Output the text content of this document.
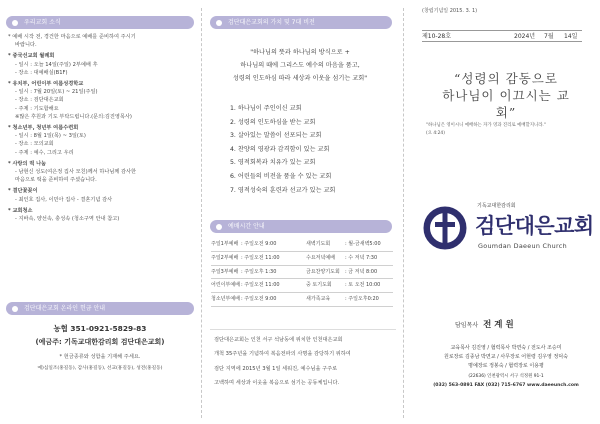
우리교회 소식

* 예배 시작 전, 경건한 마음으로 예배를 준비하여 주시기

바랍니다.

* 중국선교회 월례회

- 일시 : 오늘 14일(주일) 2부예배 후

- 장소 : 대예배실(B1F)

* 유치부, 어린이부 여름성경학교

- 일시 : 7월 20일(토) ~ 21일(주일)

- 장소 : 검단대은교회

- 주제 : 기도합해요

※많은 후원과 기도 부탁드립니다.(문의:김진영목사)

* 청소년부, 청년부 여름수련회

- 일시 : 8월 1일(목) ~ 3일(토)

- 장소 : 모의교회

- 주제 : 예수, 그리고 우리

* 사랑의 떡 나눔

- 남현신 성도(여은정 집사 모친)께서 하나님께 감사한

마음으로 떡을 준비하여 주셨습니다.

* 결단꽃꽂이

- 최인호 집사, 이민아 집사 - 결혼기념 감사

* 교회청소

- 지바속, 양선속, 충성속 (청소구역 안내 참고)

검단대은교회 온라인 헌금 안내
농협 351-0921-5829-83
(예금주: 기독교대한감리회 검단대은교회)
* 헌금종류와 성함을 기재해 주세요.
예)십일조(홍길동), 감사(홍길동), 선교(홍길동), 성전(홍길동)
검단대은교회의 가치 및 7대 비전

"하나님의 뜻과 하나님의 방식으로 +

하나님의 때에 그리스도 예수의 마음을 품고,

성령의 인도하심 따라 세상과 이웃을 섬기는 교회"

1. 하나님이 주인이신 교회

2. 성령의 인도하심을 받는 교회

3. 살아있는 말씀이 선포되는 교회

4. 찬양의 영광과 감격함이 있는 교회

5. 영적회복과 치유가 있는 교회

6. 어린들의 비전을 품을 수 있는 교회

7. 영적성숙의 훈련과 선교가 있는 교회

예배시간 안내
주일1부예배 : 주일오전 9:00	새벽기도회	: 월-금새벽5:00
주일2부예배 : 주일오전 11:00	수요저녁예배 : 수 저녁 7:30
주일3부예배 : 주일오후 1:30	금요찬양기도회 : 금 저녁 8:00
어린이부예배 : 주일오전 11:00	중 토기도회	: 토 오전 10:00
청소년부예배 : 주일오전 9:00	새가족교육	: 주일오후0:20

검단대은교회는 인천 서구 석남동에 위치한 인천대은교회

개척 35주년을 기념하여 복음전파의 사명을 감당하기 위하여

검단 지역에 2015년 3월 1일 세워진, 예수님을 구주로

고백하며 세상과 이웃을 복음으로 섬기는 공동체입니다.

(창립기념일 2015. 3. 1)
제10-28호	2024년 7월 14일

“성령의 감동으로

하나님이 이끄시는 교회”

"하나님은 영이시니 예배하는 자가 영과 진리로 예배할지니라."

(요 4:24)

기독교대한감리회
검단대은교회
Goumdan Daeeun Church
담임목사 전 계 원

교육목사 김진영 / 협력목사 박면숙 / 전도사 조승미

원로장로 김종남 박면교 / 사무장로 어현령 김우영 정덕숙

명예장로 정봉숙 / 협력장로 이용평

(22636) 인천광역시 서구 석정원 91-1

(032) 563-0891 FAX (032) 715-6767 www.daeeunch.com
